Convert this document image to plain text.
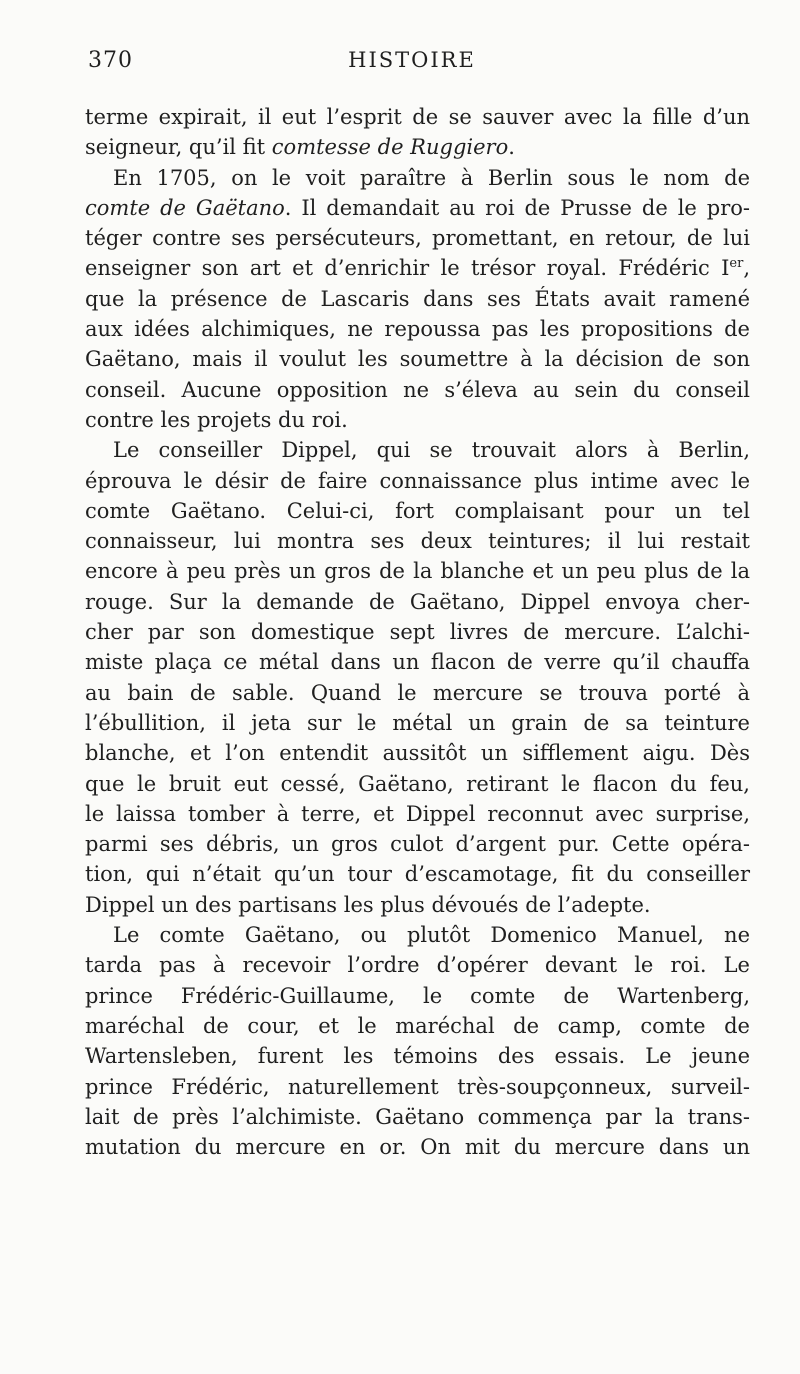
370	HISTOIRE
terme expirait, il eut l’esprit de se sauver avec la fille d’un
seigneur, qu’il fit comtesse de Ruggiero.
En 1705, on le voit paraître à Berlin sous le nom de
comte de Gaëtano. Il demandait au roi de Prusse de le pro-
téger contre ses persécuteurs, promettant, en retour, de lui
enseigner son art et d’enrichir le trésor royal. Frédéric Ier,
que la présence de Lascaris dans ses États avait ramené
aux idées alchimiques, ne repoussa pas les propositions de
Gaëtano, mais il voulut les soumettre à la décision de son
conseil. Aucune opposition ne s’éleva au sein du conseil
contre les projets du roi.
Le conseiller Dippel, qui se trouvait alors à Berlin,
éprouva le désir de faire connaissance plus intime avec le
comte Gaëtano. Celui-ci, fort complaisant pour un tel
connaisseur, lui montra ses deux teintures; il lui restait
encore à peu près un gros de la blanche et un peu plus de la
rouge. Sur la demande de Gaëtano, Dippel envoya cher-
cher par son domestique sept livres de mercure. L’alchi-
miste plaça ce métal dans un flacon de verre qu’il chauffa
au bain de sable. Quand le mercure se trouva porté à
l’ébullition, il jeta sur le métal un grain de sa teinture
blanche, et l’on entendit aussitôt un sifflement aigu. Dès
que le bruit eut cessé, Gaëtano, retirant le flacon du feu,
le laissa tomber à terre, et Dippel reconnut avec surprise,
parmi ses débris, un gros culot d’argent pur. Cette opéra-
tion, qui n’était qu’un tour d’escamotage, fit du conseiller
Dippel un des partisans les plus dévoués de l’adepte.
Le comte Gaëtano, ou plutôt Domenico Manuel, ne
tarda pas à recevoir l’ordre d’opérer devant le roi. Le
prince Frédéric-Guillaume, le comte de Wartenberg,
maréchal de cour, et le maréchal de camp, comte de
Wartensleben, furent les témoins des essais. Le jeune
prince Frédéric, naturellement très-soupçonneux, surveil-
lait de près l’alchimiste. Gaëtano commença par la trans-
mutation du mercure en or. On mit du mercure dans un
